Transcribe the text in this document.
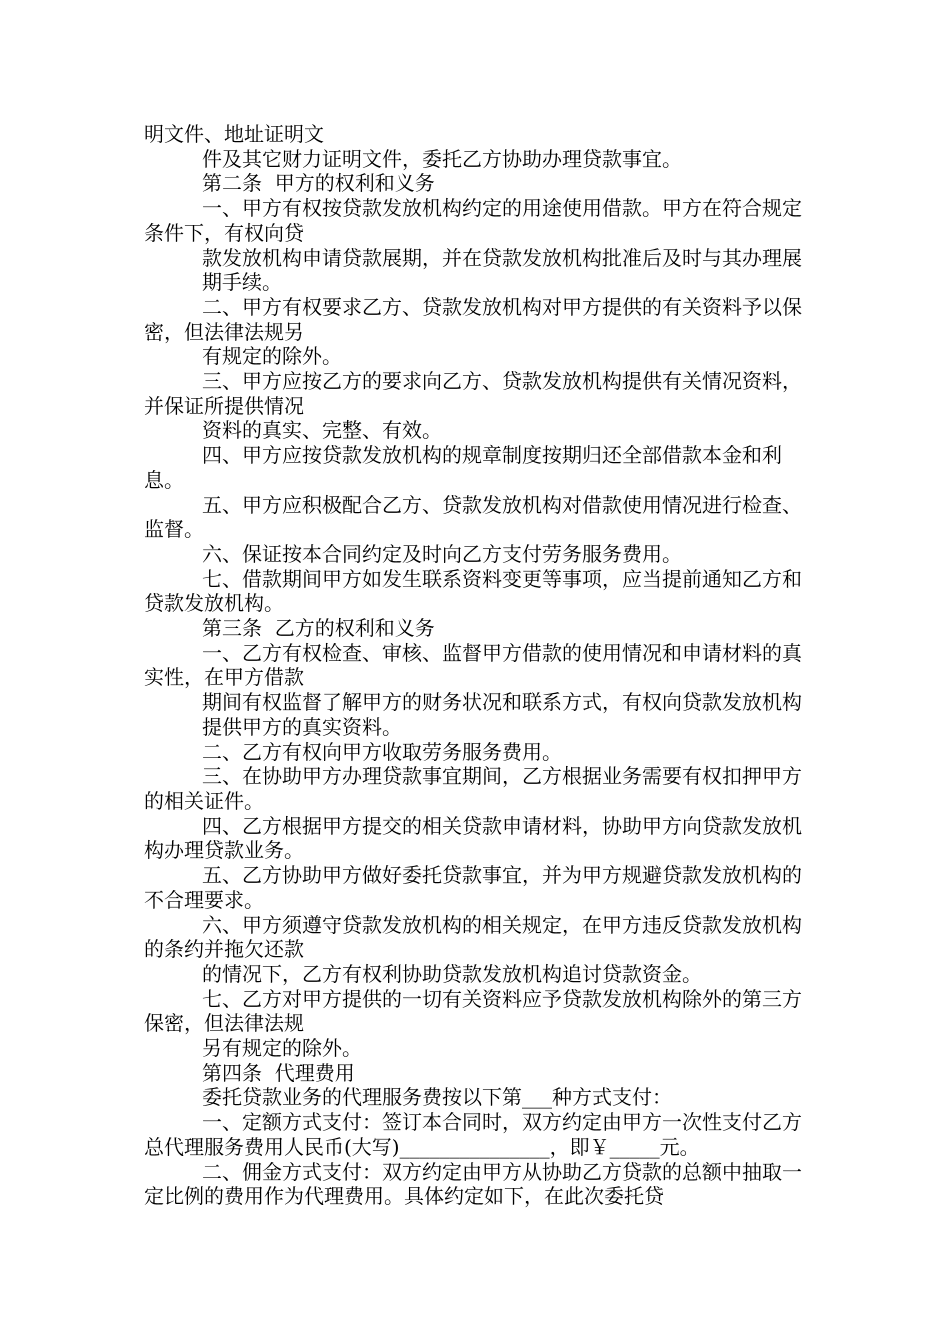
明文件、地址证明文

件及其它财力证明文件，委托乙方协助办理贷款事宜。

第二条  甲方的权利和义务

一、甲方有权按贷款发放机构约定的用途使用借款。甲方在符合规定条件下，有权向贷

款发放机构申请贷款展期，并在贷款发放机构批准后及时与其办理展期手续。

二、甲方有权要求乙方、贷款发放机构对甲方提供的有关资料予以保密，但法律法规另

有规定的除外。

三、甲方应按乙方的要求向乙方、贷款发放机构提供有关情况资料，并保证所提供情况

资料的真实、完整、有效。

四、甲方应按贷款发放机构的规章制度按期归还全部借款本金和利息。

五、甲方应积极配合乙方、贷款发放机构对借款使用情况进行检查、监督。

六、保证按本合同约定及时向乙方支付劳务服务费用。

七、借款期间甲方如发生联系资料变更等事项，应当提前通知乙方和贷款发放机构。

第三条  乙方的权利和义务

一、乙方有权检查、审核、监督甲方借款的使用情况和申请材料的真实性，在甲方借款

期间有权监督了解甲方的财务状况和联系方式，有权向贷款发放机构提供甲方的真实资料。

二、乙方有权向甲方收取劳务服务费用。

三、在协助甲方办理贷款事宜期间，乙方根据业务需要有权扣押甲方的相关证件。

四、乙方根据甲方提交的相关贷款申请材料，协助甲方向贷款发放机构办理贷款业务。

五、乙方协助甲方做好委托贷款事宜，并为甲方规避贷款发放机构的不合理要求。

六、甲方须遵守贷款发放机构的相关规定，在甲方违反贷款发放机构的条约并拖欠还款

的情况下，乙方有权利协助贷款发放机构追讨贷款资金。

七、乙方对甲方提供的一切有关资料应予贷款发放机构除外的第三方保密，但法律法规

另有规定的除外。

第四条  代理费用

委托贷款业务的代理服务费按以下第___种方式支付：

一、定额方式支付：签订本合同时，双方约定由甲方一次性支付乙方总代理服务费用人民币(大写)_______________，即￥_____元。

二、佣金方式支付：双方约定由甲方从协助乙方贷款的总额中抽取一定比例的费用作为代理费用。具体约定如下，在此次委托贷
